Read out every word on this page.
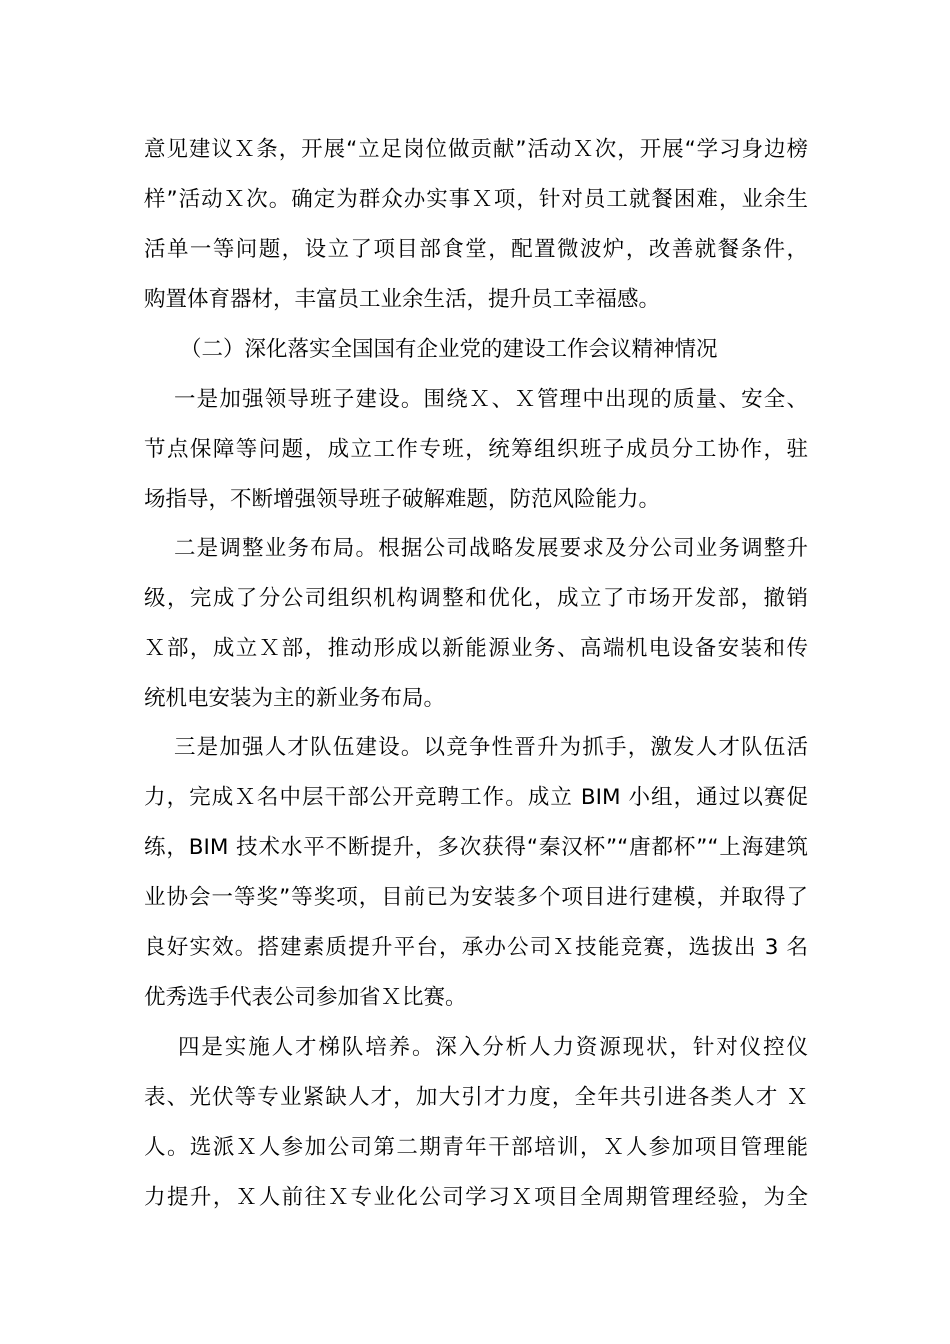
意见建议Ｘ条，开展“立足岗位做贡献”活动Ｘ次，开展“学习身边榜
样”活动Ｘ次。确定为群众办实事Ｘ项，针对员工就餐困难，业余生
活单一等问题，设立了项目部食堂，配置微波炉，改善就餐条件，
购置体育器材，丰富员工业余生活，提升员工幸福感。
（二）深化落实全国国有企业党的建设工作会议精神情况
一是加强领导班子建设。围绕Ｘ、Ｘ管理中出现的质量、安全、
节点保障等问题，成立工作专班，统筹组织班子成员分工协作，驻
场指导，不断增强领导班子破解难题，防范风险能力。
二是调整业务布局。根据公司战略发展要求及分公司业务调整升
级，完成了分公司组织机构调整和优化，成立了市场开发部，撤销
Ｘ部，成立Ｘ部，推动形成以新能源业务、高端机电设备安装和传
统机电安装为主的新业务布局。
三是加强人才队伍建设。以竞争性晋升为抓手，激发人才队伍活
力，完成Ｘ名中层干部公开竞聘工作。成立 BIM 小组，通过以赛促
练，BIM 技术水平不断提升，多次获得“秦汉杯”“唐都杯”“上海建筑
业协会一等奖”等奖项，目前已为安装多个项目进行建模，并取得了
良好实效。搭建素质提升平台，承办公司Ｘ技能竞赛，选拔出 3 名
优秀选手代表公司参加省Ｘ比赛。
四是实施人才梯队培养。深入分析人力资源现状，针对仪控仪
表、光伏等专业紧缺人才，加大引才力度，全年共引进各类人才 Ｘ
人。选派Ｘ人参加公司第二期青年干部培训，Ｘ人参加项目管理能
力提升，Ｘ人前往Ｘ专业化公司学习Ｘ项目全周期管理经验，为全
